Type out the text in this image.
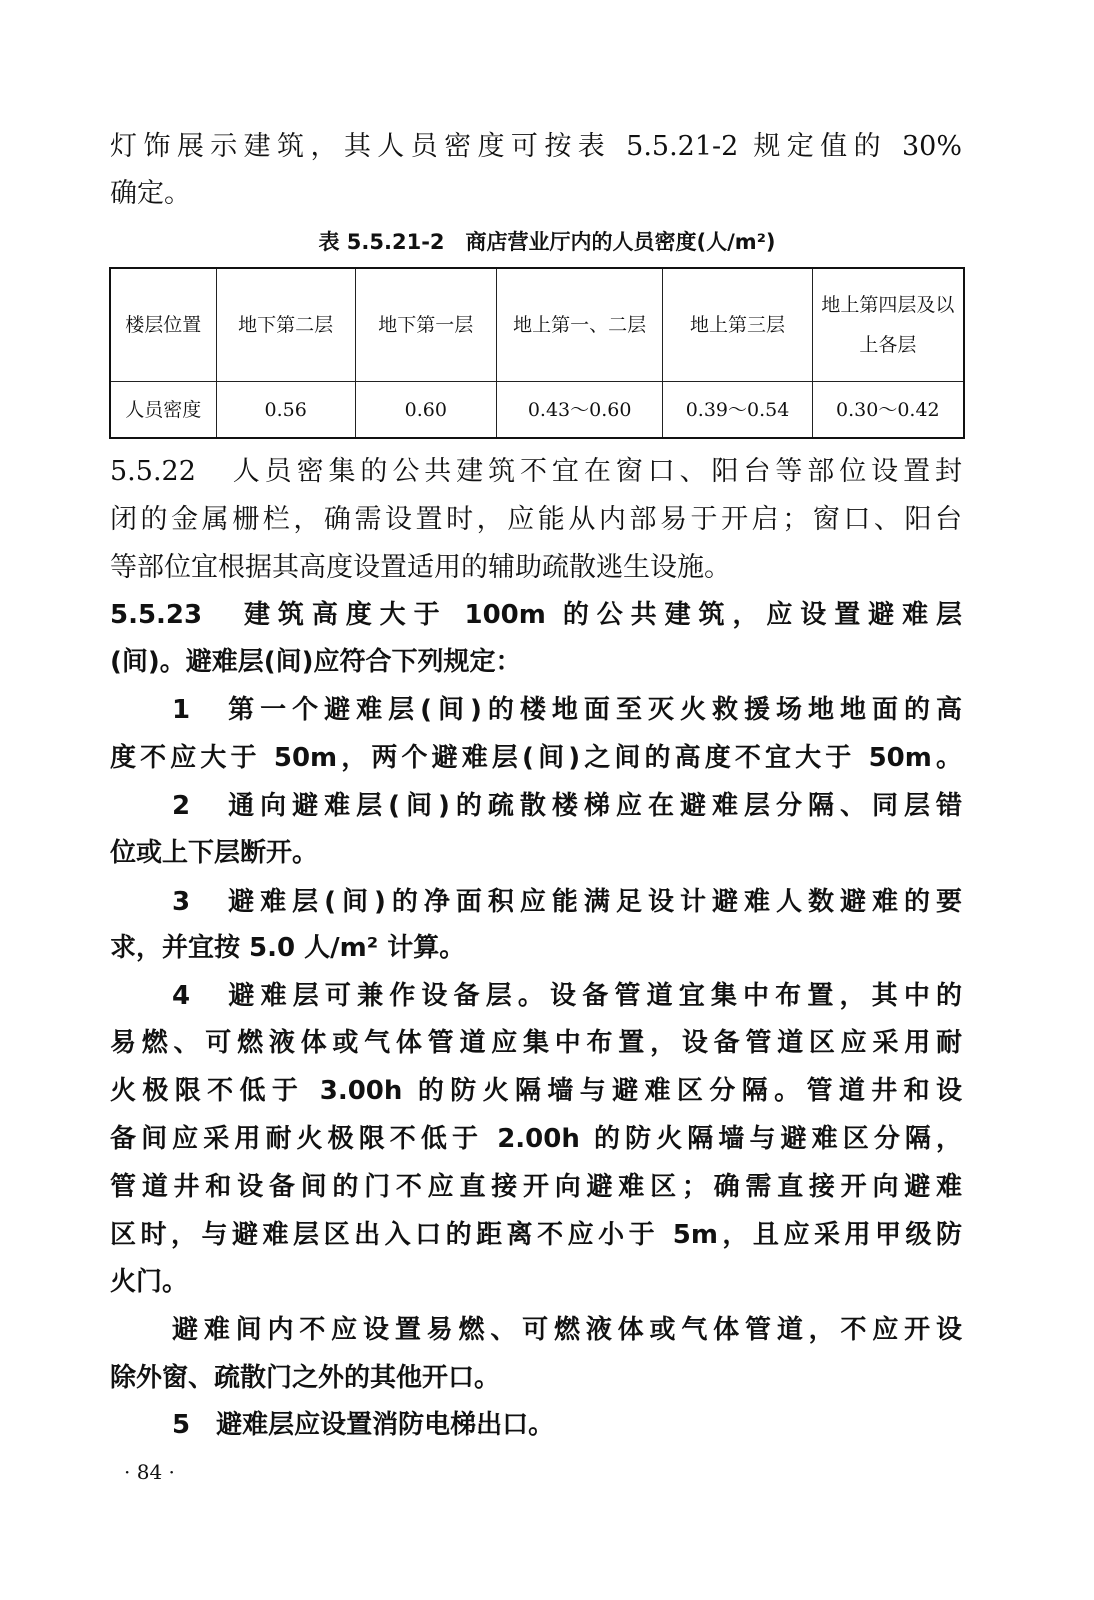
灯饰展示建筑，其人员密度可按表 5.5.21-2 规定值的 30%
确定。
表 5.5.21-2　商店营业厅内的人员密度(人/m²)
楼层位置	地下第二层	地下第一层	地上第一、二层	地上第三层	地上第四层及以上各层
人员密度	0.56	0.60	0.43～0.60	0.39～0.54	0.30～0.42
5.5.22　人员密集的公共建筑不宜在窗口、阳台等部位设置封
闭的金属栅栏，确需设置时，应能从内部易于开启；窗口、阳台
等部位宜根据其高度设置适用的辅助疏散逃生设施。
5.5.23　建筑高度大于 100m 的公共建筑，应设置避难层
(间)。避难层(间)应符合下列规定：
1　第一个避难层(间)的楼地面至灭火救援场地地面的高
度不应大于 50m，两个避难层(间)之间的高度不宜大于 50m。
2　通向避难层(间)的疏散楼梯应在避难层分隔、同层错
位或上下层断开。
3　避难层(间)的净面积应能满足设计避难人数避难的要
求，并宜按 5.0 人/m² 计算。
4　避难层可兼作设备层。设备管道宜集中布置，其中的
易燃、可燃液体或气体管道应集中布置，设备管道区应采用耐
火极限不低于 3.00h 的防火隔墙与避难区分隔。管道井和设
备间应采用耐火极限不低于 2.00h 的防火隔墙与避难区分隔，
管道井和设备间的门不应直接开向避难区；确需直接开向避难
区时，与避难层区出入口的距离不应小于 5m，且应采用甲级防
火门。
避难间内不应设置易燃、可燃液体或气体管道，不应开设
除外窗、疏散门之外的其他开口。
5　避难层应设置消防电梯出口。
· 84 ·
